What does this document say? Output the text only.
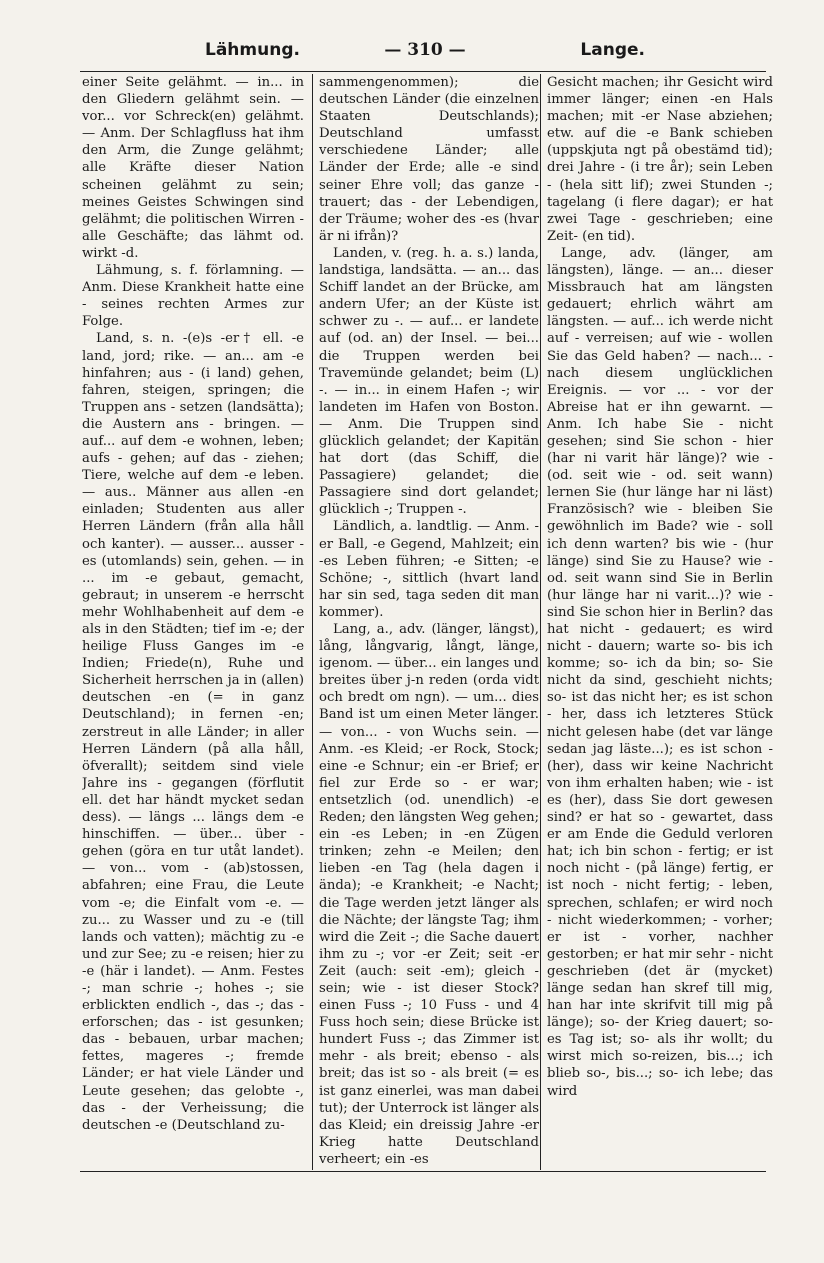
Lähmung.	— 310 —	Lange.

einer Seite gelähmt. — in... in den Gliedern gelähmt sein. — vor... vor Schreck(en) gelähmt. — Anm. Der Schlagfluss hat ihm den Arm, die Zunge gelähmt; alle Kräfte dieser Nation scheinen gelähmt zu sein; meines Geistes Schwingen sind gelähmt; die politischen Wirren - alle Geschäfte; das lähmt od. wirkt -d.

Lähmung, s. f. förlamning. — Anm. Diese Krankheit hatte eine - seines rechten Armes zur Folge.

Land, s. n. -(e)s -er† ell. -e land, jord; rike. — an... am -e hinfahren; aus - (i land) gehen, fahren, steigen, springen; die Truppen ans - setzen (landsätta); die Austern ans - bringen. — auf... auf dem -e wohnen, leben; aufs - gehen; auf das - ziehen; Tiere, welche auf dem -e leben. — aus.. Männer aus allen -en einladen; Studenten aus aller Herren Ländern (från alla håll och kanter). — ausser... ausser -es (utomlands) sein, gehen. — in ... im -e gebaut, gemacht, gebraut; in unserem -e herrscht mehr Wohlhabenheit auf dem -e als in den Städten; tief im -e; der heilige Fluss Ganges im -e Indien; Friede(n), Ruhe und Sicherheit herrschen ja in (allen) deutschen -en (= in ganz Deutschland); in fernen -en; zerstreut in alle Länder; in aller Herren Ländern (på alla håll, öfverallt); seitdem sind viele Jahre ins - gegangen (förflutit ell. det har händt mycket sedan dess). — längs ... längs dem -e hinschiffen. — über... über - gehen (göra en tur utåt landet). — von... vom - (ab)stossen, abfahren; eine Frau, die Leute vom -e; die Einfalt vom -e. — zu... zu Wasser und zu -e (till lands och vatten); mächtig zu -e und zur See; zu -e reisen; hier zu -e (här i landet). — Anm. Festes -; man schrie -; hohes -; sie erblickten endlich -, das -; das - erforschen; das - ist gesunken; das - bebauen, urbar machen; fettes, mageres -; fremde Länder; er hat viele Länder und Leute gesehen; das gelobte -, das - der Verheissung; die deutschen -e (Deutschland zu-

sammengenommen); die deutschen Länder (die einzelnen Staaten Deutschlands); Deutschland umfasst verschiedene Länder; alle Länder der Erde; alle -e sind seiner Ehre voll; das ganze - trauert; das - der Lebendigen, der Träume; woher des -es (hvar är ni ifrån)?

Landen, v. (reg. h. a. s.) landa, landstiga, landsätta. — an... das Schiff landet an der Brücke, am andern Ufer; an der Küste ist schwer zu -. — auf... er landete auf (od. an) der Insel. — bei... die Truppen werden bei Travemünde gelandet; beim (L) -. — in... in einem Hafen -; wir landeten im Hafen von Boston. — Anm. Die Truppen sind glücklich gelandet; der Kapitän hat dort (das Schiff, die Passagiere) gelandet; die Passagiere sind dort gelandet; glücklich -; Truppen -.

Ländlich, a. landtlig. — Anm. -er Ball, -e Gegend, Mahlzeit; ein -es Leben führen; -e Sitten; -e Schöne; -, sittlich (hvart land har sin sed, taga seden dit man kommer).

Lang, a., adv. (länger, längst), lång, långvarig, långt, länge, igenom. — über... ein langes und breites über j-n reden (orda vidt och bredt om ngn). — um... dies Band ist um einen Meter länger. — von... - von Wuchs sein. — Anm. -es Kleid; -er Rock, Stock; eine -e Schnur; ein -er Brief; er fiel zur Erde so - er war; entsetzlich (od. unendlich) -e Reden; den längsten Weg gehen; ein -es Leben; in -en Zügen trinken; zehn -e Meilen; den lieben -en Tag (hela dagen i ända); -e Krankheit; -e Nacht; die Tage werden jetzt länger als die Nächte; der längste Tag; ihm wird die Zeit -; die Sache dauert ihm zu -; vor -er Zeit; seit -er Zeit (auch: seit -em); gleich - sein; wie - ist dieser Stock? einen Fuss -; 10 Fuss - und 4 Fuss hoch sein; diese Brücke ist hundert Fuss -; das Zimmer ist mehr - als breit; ebenso - als breit; das ist so - als breit (= es ist ganz einerlei, was man dabei tut); der Unterrock ist länger als das Kleid; ein dreissig Jahre -er Krieg hatte Deutschland verheert; ein -es

Gesicht machen; ihr Gesicht wird immer länger; einen -en Hals machen; mit -er Nase abziehen; etw. auf die -e Bank schieben (uppskjuta ngt på obestämd tid); drei Jahre - (i tre år); sein Leben - (hela sitt lif); zwei Stunden -; tagelang (i flere dagar); er hat zwei Tage - geschrieben; eine Zeit- (en tid).

Lange, adv. (länger, am längsten), länge. — an... dieser Missbrauch hat am längsten gedauert; ehrlich währt am längsten. — auf... ich werde nicht auf - verreisen; auf wie - wollen Sie das Geld haben? — nach... - nach diesem unglücklichen Ereignis. — vor ... - vor der Abreise hat er ihn gewarnt. — Anm. Ich habe Sie - nicht gesehen; sind Sie schon - hier (har ni varit här länge)? wie - (od. seit wie - od. seit wann) lernen Sie (hur länge har ni läst) Französisch? wie - bleiben Sie gewöhnlich im Bade? wie - soll ich denn warten? bis wie - (hur länge) sind Sie zu Hause? wie - od. seit wann sind Sie in Berlin (hur länge har ni varit...)? wie - sind Sie schon hier in Berlin? das hat nicht - gedauert; es wird nicht - dauern; warte so- bis ich komme; so- ich da bin; so- Sie nicht da sind, geschieht nichts; so- ist das nicht her; es ist schon - her, dass ich letzteres Stück nicht gelesen habe (det var länge sedan jag läste...); es ist schon - (her), dass wir keine Nachricht von ihm erhalten haben; wie - ist es (her), dass Sie dort gewesen sind? er hat so - gewartet, dass er am Ende die Geduld verloren hat; ich bin schon - fertig; er ist noch nicht - (på länge) fertig, er ist noch - nicht fertig; - leben, sprechen, schlafen; er wird noch - nicht wiederkommen; - vorher; er ist - vorher, nachher gestorben; er hat mir sehr - nicht geschrieben (det är (mycket) länge sedan han skref till mig, han har inte skrifvit till mig på länge); so- der Krieg dauert; so- es Tag ist; so- als ihr wollt; du wirst mich so-reizen, bis...; ich blieb so-, bis...; so- ich lebe; das wird
